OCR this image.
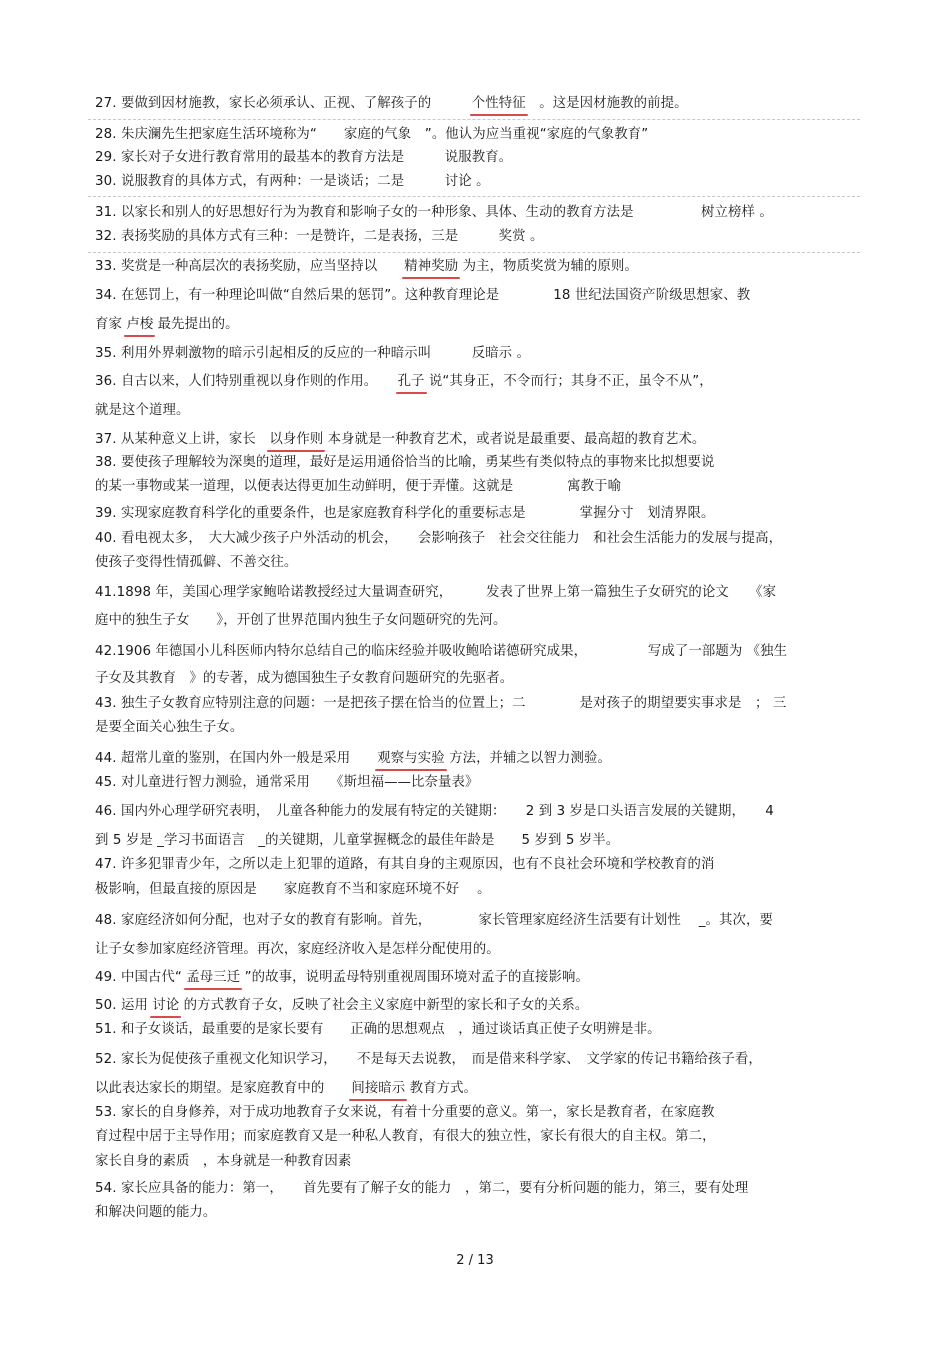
27. 要做到因材施教，家长必须承认、正视、了解孩子的　　　	个性特征　 。这是因材施教的前提。
28. 朱庆澜先生把家庭生活环境称为“　　家庭的气象　”。他认为应当重视“家庭的气象教育”
29. 家长对子女进行教育常用的最基本的教育方法是　　　说服教育。
30. 说服教育的具体方式，有两种：一是谈话；二是　　　讨论 。
31. 以家长和别人的好思想好行为为教育和影响子女的一种形象、具体、生动的教育方法是　　　　　树立榜样 。
32. 表扬奖励的具体方式有三种：一是赞许，二是表扬，三是　　　奖赏 。
33. 奖赏是一种高层次的表扬奖励，应当坚持以　　精神奖励 为主，物质奖赏为辅的原则。
34. 在惩罚上，有一种理论叫做“自然后果的惩罚”。这种教育理论是　　　　18 世纪法国资产阶级思想家、教
育家 卢梭 最先提出的。
35. 利用外界刺激物的暗示引起相反的反应的一种暗示叫　　　反暗示 。
36. 自古以来，人们特别重视以身作则的作用。　　孔子 说“其身正，不令而行；其身不正，虽令不从”，
就是这个道理。
37. 从某种意义上讲，家长　以身作则 本身就是一种教育艺术，或者说是最重要、最高超的教育艺术。
38. 要使孩子理解较为深奥的道理，最好是运用通俗恰当的比喻，勇某些有类似特点的事物来比拟想要说
的某一事物或某一道理，以便表达得更加生动鲜明，便于弄懂。这就是　　　　寓教于喻
39. 实现家庭教育科学化的重要条件，也是家庭教育科学化的重要标志是　　　　掌握分寸　划清界限。
40. 看电视太多，　大大减少孩子户外活动的机会，　　会影响孩子　社会交往能力　和社会生活能力的发展与提高，
使孩子变得性情孤僻、不善交往。
41.1898 年，美国心理学家鲍哈诺教授经过大量调查研究，　　　发表了世界上第一篇独生子女研究的论文　　《家
庭中的独生子女　　》，开创了世界范围内独生子女问题研究的先河。
42.1906 年德国小儿科医师内特尔总结自己的临床经验并吸收鲍哈诺德研究成果，　　　　　写成了一部题为 《独生
子女及其教育　》的专著，成为德国独生子女教育问题研究的先驱者。
43. 独生子女教育应特别注意的问题：一是把孩子摆在恰当的位置上；二　　　　是对孩子的期望要实事求是　； 三
是要全面关心独生子女。
44. 超常儿童的鉴别，在国内外一般是采用　　观察与实验 方法，并辅之以智力测验。
45. 对儿童进行智力测验，通常采用　　《斯坦福——比奈量表》
46. 国内外心理学研究表明，　儿童各种能力的发展有特定的关键期：　　2 到 3 岁是口头语言发展的关键期，　　4
到 5 岁是 _学习书面语言　_的关键期，儿童掌握概念的最佳年龄是　　5 岁到 5 岁半。
47. 许多犯罪青少年，之所以走上犯罪的道路，有其自身的主观原因，也有不良社会环境和学校教育的消
极影响，但最直接的原因是　　家庭教育不当和家庭环境不好　 。
48. 家庭经济如何分配，也对子女的教育有影响。首先，　　　　家长管理家庭经济生活要有计划性　 _。其次，要
让子女参加家庭经济管理。再次，家庭经济收入是怎样分配使用的。
49. 中国古代“ 孟母三迁 ”的故事，说明孟母特别重视周围环境对孟子的直接影响。
50. 运用 讨论 的方式教育子女，反映了社会主义家庭中新型的家长和子女的关系。
51. 和子女谈话，最重要的是家长要有　　正确的思想观点　，通过谈话真正使子女明辨是非。
52. 家长为促使孩子重视文化知识学习，　　不是每天去说教，　而是借来科学家、　文学家的传记书籍给孩子看，
以此表达家长的期望。是家庭教育中的　　间接暗示 教育方式。
53. 家长的自身修养，对于成功地教育子女来说，有着十分重要的意义。第一，家长是教育者，在家庭教
育过程中居于主导作用；而家庭教育又是一种私人教育，有很大的独立性，家长有很大的自主权。第二，
家长自身的素质　，本身就是一种教育因素
54. 家长应具备的能力：第一，　　首先要有了解子女的能力　，第二，要有分析问题的能力，第三，要有处理
和解决问题的能力。
2 / 13
